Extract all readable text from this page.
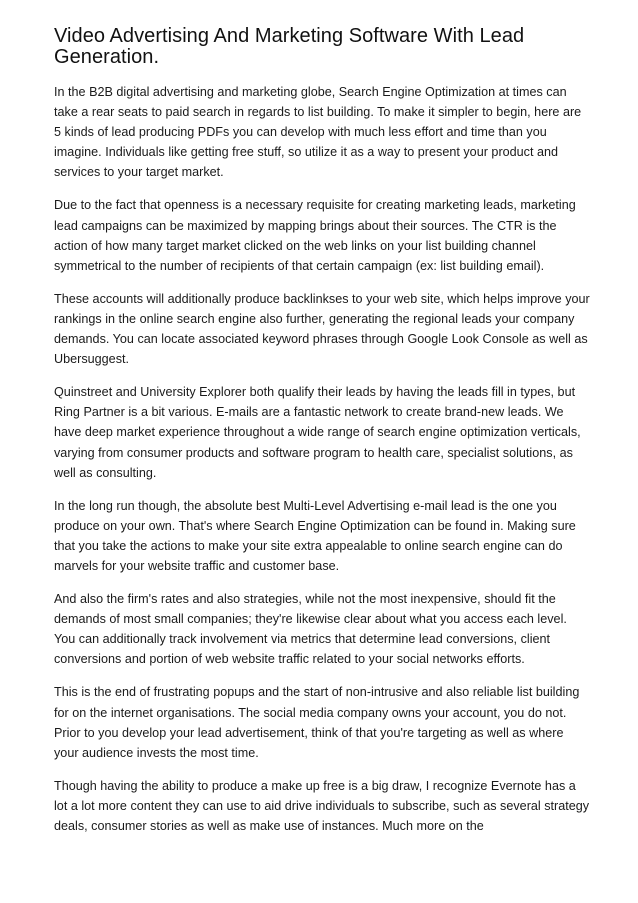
Video Advertising And Marketing Software With Lead Generation.

In the B2B digital advertising and marketing globe, Search Engine Optimization at times can take a rear seats to paid search in regards to list building. To make it simpler to begin, here are 5 kinds of lead producing PDFs you can develop with much less effort and time than you imagine. Individuals like getting free stuff, so utilize it as a way to present your product and services to your target market.

Due to the fact that openness is a necessary requisite for creating marketing leads, marketing lead campaigns can be maximized by mapping brings about their sources. The CTR is the action of how many target market clicked on the web links on your list building channel symmetrical to the number of recipients of that certain campaign (ex: list building email).

These accounts will additionally produce backlinkses to your web site, which helps improve your rankings in the online search engine also further, generating the regional leads your company demands. You can locate associated keyword phrases through Google Look Console as well as Ubersuggest.

Quinstreet and University Explorer both qualify their leads by having the leads fill in types, but Ring Partner is a bit various. E-mails are a fantastic network to create brand-new leads. We have deep market experience throughout a wide range of search engine optimization verticals, varying from consumer products and software program to health care, specialist solutions, as well as consulting.

In the long run though, the absolute best Multi-Level Advertising e-mail lead is the one you produce on your own. That's where Search Engine Optimization can be found in. Making sure that you take the actions to make your site extra appealable to online search engine can do marvels for your website traffic and customer base.

And also the firm's rates and also strategies, while not the most inexpensive, should fit the demands of most small companies; they're likewise clear about what you access each level. You can additionally track involvement via metrics that determine lead conversions, client conversions and portion of web website traffic related to your social networks efforts.

This is the end of frustrating popups and the start of non-intrusive and also reliable list building for on the internet organisations. The social media company owns your account, you do not. Prior to you develop your lead advertisement, think of that you're targeting as well as where your audience invests the most time.

Though having the ability to produce a make up free is a big draw, I recognize Evernote has a lot a lot more content they can use to aid drive individuals to subscribe, such as several strategy deals, consumer stories as well as make use of instances. Much more on the
